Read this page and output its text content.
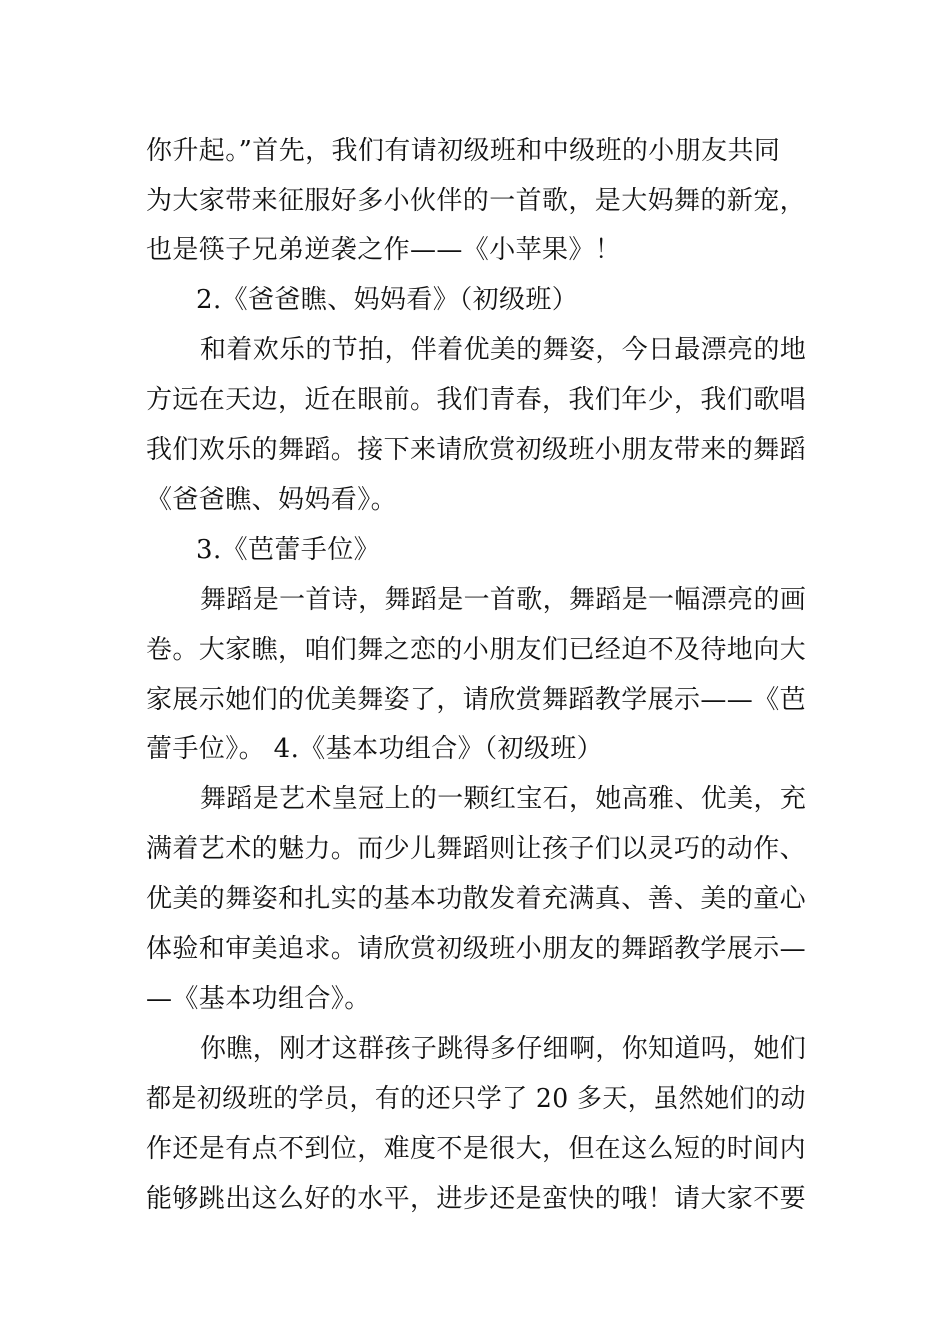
你升起。”首先，我们有请初级班和中级班的小朋友共同
为大家带来征服好多小伙伴的一首歌，是大妈舞的新宠，
也是筷子兄弟逆袭之作——《小苹果》！
2.《爸爸瞧、妈妈看》（初级班）
和着欢乐的节拍，伴着优美的舞姿，今日最漂亮的地
方远在天边，近在眼前。我们青春，我们年少，我们歌唱
我们欢乐的舞蹈。接下来请欣赏初级班小朋友带来的舞蹈
《爸爸瞧、妈妈看》。
3.《芭蕾手位》
舞蹈是一首诗，舞蹈是一首歌，舞蹈是一幅漂亮的画
卷。大家瞧，咱们舞之恋的小朋友们已经迫不及待地向大
家展示她们的优美舞姿了，请欣赏舞蹈教学展示——《芭
蕾手位》。 4.《基本功组合》（初级班）
舞蹈是艺术皇冠上的一颗红宝石，她高雅、优美，充
满着艺术的魅力。而少儿舞蹈则让孩子们以灵巧的动作、
优美的舞姿和扎实的基本功散发着充满真、善、美的童心
体验和审美追求。请欣赏初级班小朋友的舞蹈教学展示—
—《基本功组合》。
你瞧，刚才这群孩子跳得多仔细啊，你知道吗，她们
都是初级班的学员，有的还只学了 20 多天，虽然她们的动
作还是有点不到位，难度不是很大，但在这么短的时间内
能够跳出这么好的水平，进步还是蛮快的哦！请大家不要
